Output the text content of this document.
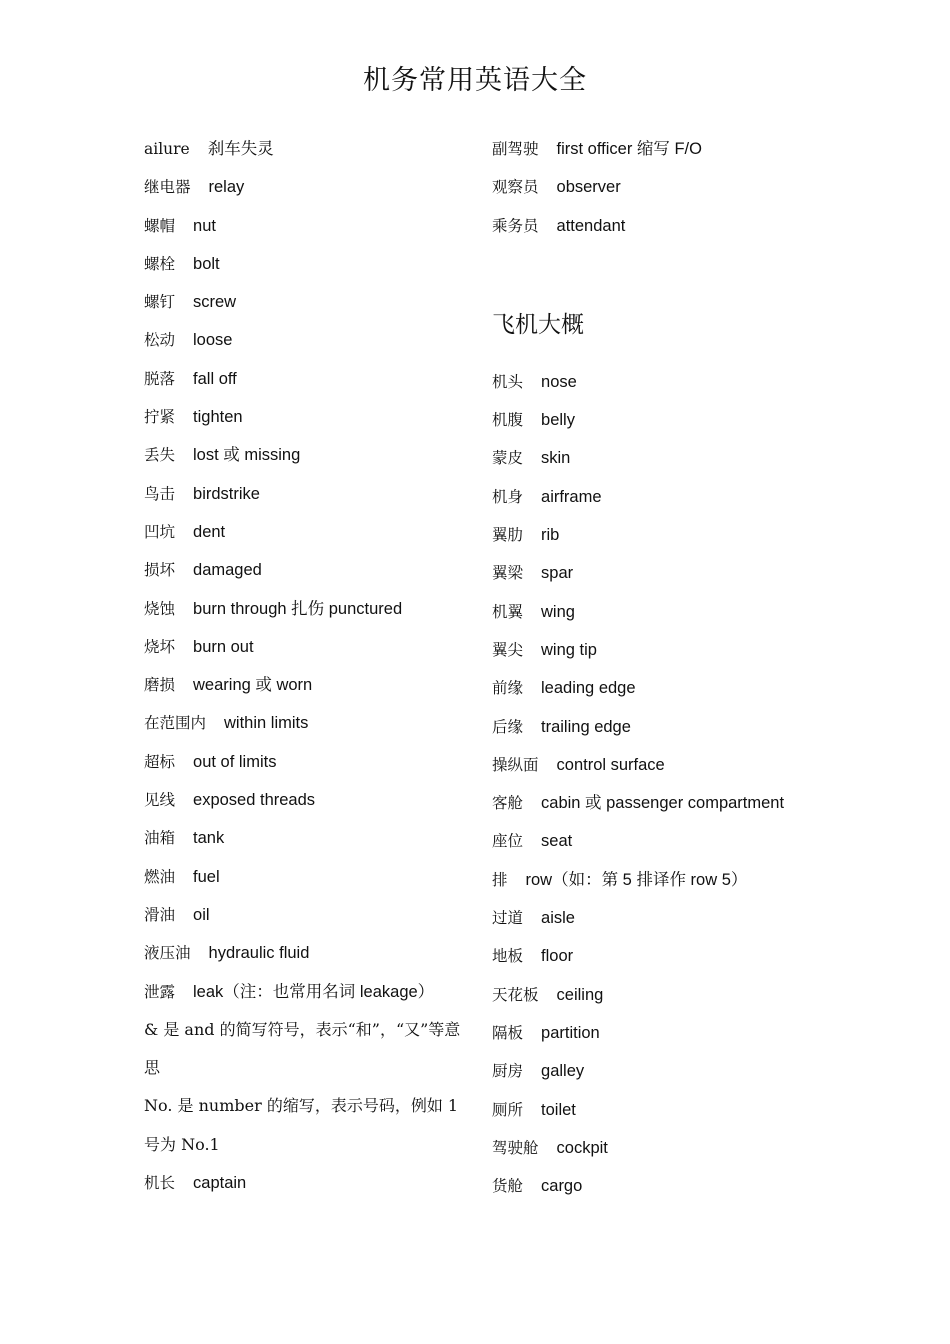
机务常用英语大全
ailure 刹车失灵
继电器 relay
螺帽 nut
螺栓 bolt
螺钉 screw
松动 loose
脱落 fall off
拧紧 tighten
丢失 lost 或 missing
鸟击 birdstrike
凹坑 dent
损坏 damaged
烧蚀 burn through 扎伤 punctured
烧坏 burn out
磨损 wearing 或 worn
在范围内 within limits
超标 out of limits
见线 exposed threads
油箱 tank
燃油 fuel
滑油 oil
液压油 hydraulic fluid
泄露 leak（注：也常用名词 leakage）
& 是 and 的简写符号，表示“和”，“又”等意思
No. 是 number 的缩写，表示号码，例如 1 号为 No.1
机长 captain
副驾驶 first officer 缩写 F/O
观察员 observer
乘务员 attendant
飞机大概
机头 nose
机腹 belly
蒙皮 skin
机身 airframe
翼肋 rib
翼梁 spar
机翼 wing
翼尖 wing tip
前缘 leading edge
后缘 trailing edge
操纵面 control surface
客舱 cabin 或 passenger compartment
座位 seat
排 row（如：第 5 排译作 row 5）
过道 aisle
地板 floor
天花板 ceiling
隔板 partition
厨房 galley
厕所 toilet
驾驶舱 cockpit
货舱 cargo
